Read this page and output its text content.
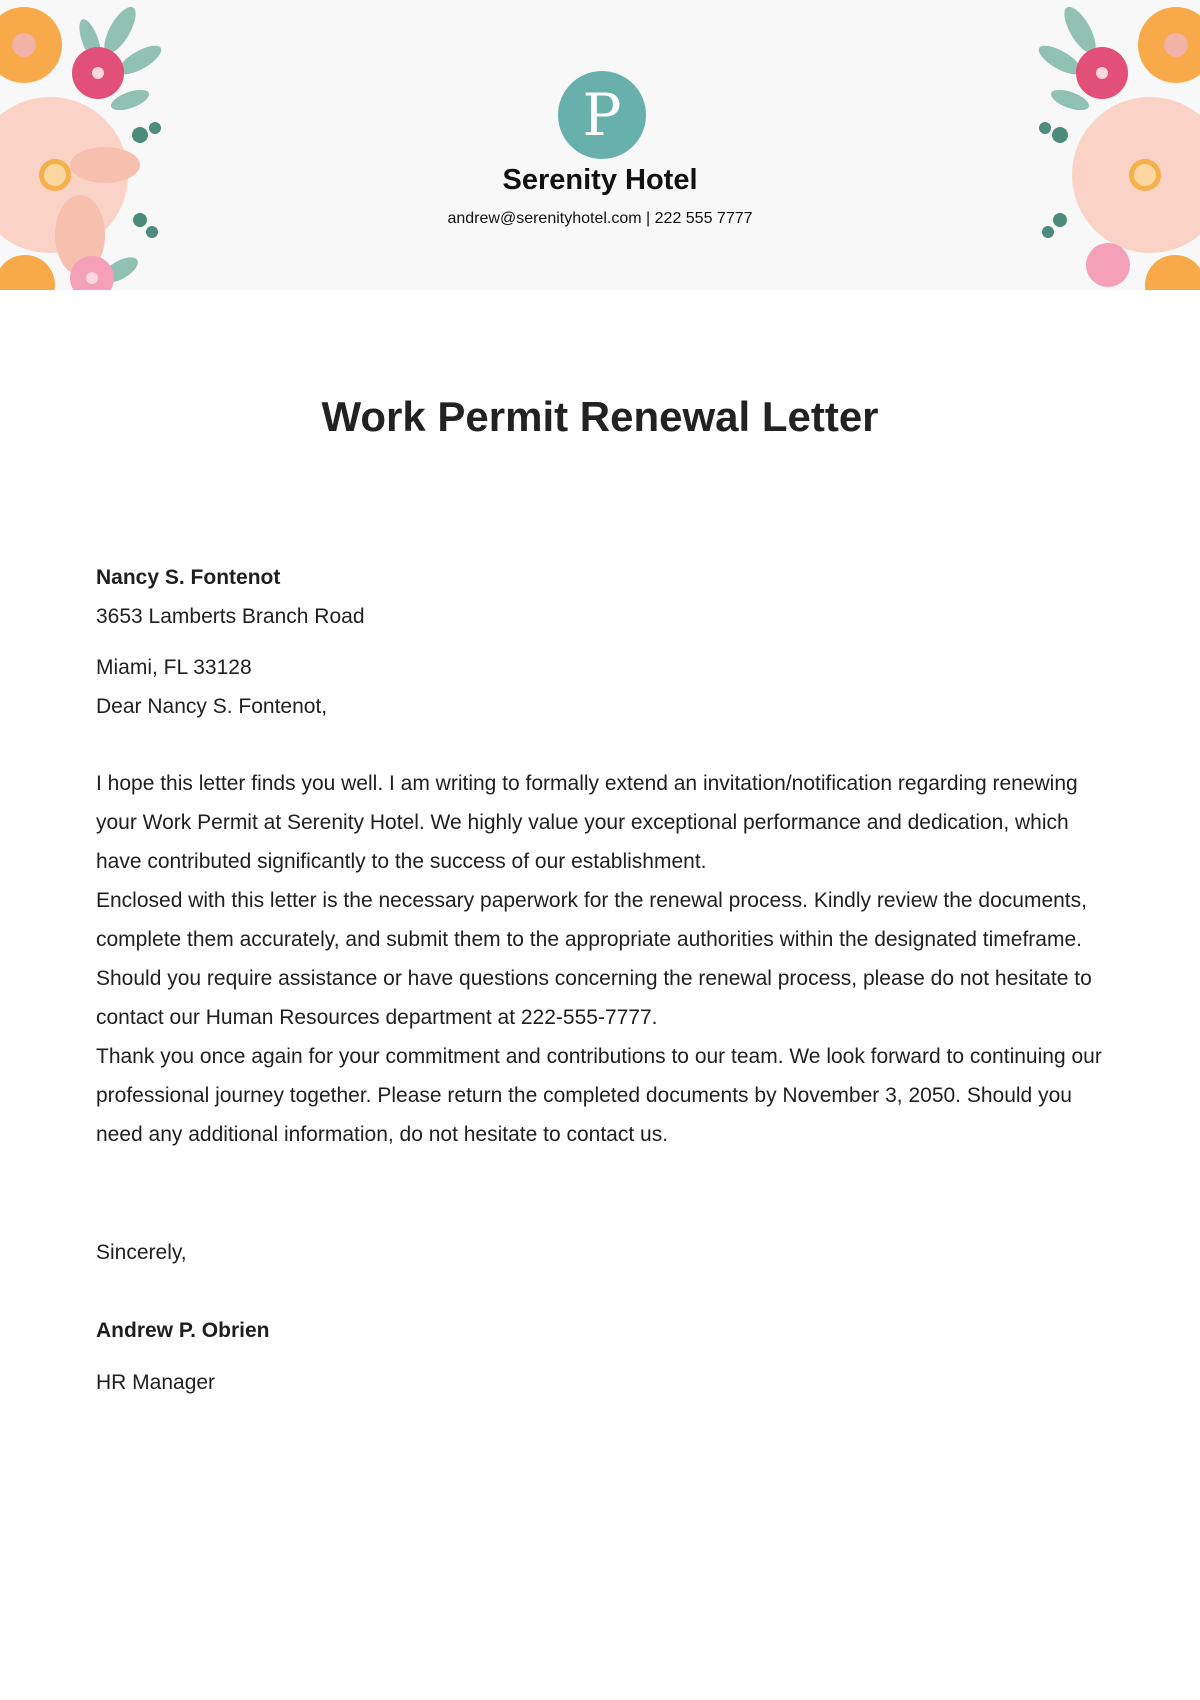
P
Serenity Hotel
andrew@serenityhotel.com | 222 555 7777
Work Permit Renewal Letter
Nancy S. Fontenot
3653 Lamberts Branch Road
Miami, FL 33128
Dear Nancy S. Fontenot,

I hope this letter finds you well. I am writing to formally extend an invitation/notification regarding renewing your Work Permit at Serenity Hotel. We highly value your exceptional performance and dedication, which have contributed significantly to the success of our establishment.

Enclosed with this letter is the necessary paperwork for the renewal process. Kindly review the documents, complete them accurately, and submit them to the appropriate authorities within the designated timeframe. Should you require assistance or have questions concerning the renewal process, please do not hesitate to contact our Human Resources department at 222-555-7777.

Thank you once again for your commitment and contributions to our team. We look forward to continuing our professional journey together. Please return the completed documents by November 3, 2050. Should you need any additional information, do not hesitate to contact us.

Sincerely,
Andrew P. Obrien
HR Manager
